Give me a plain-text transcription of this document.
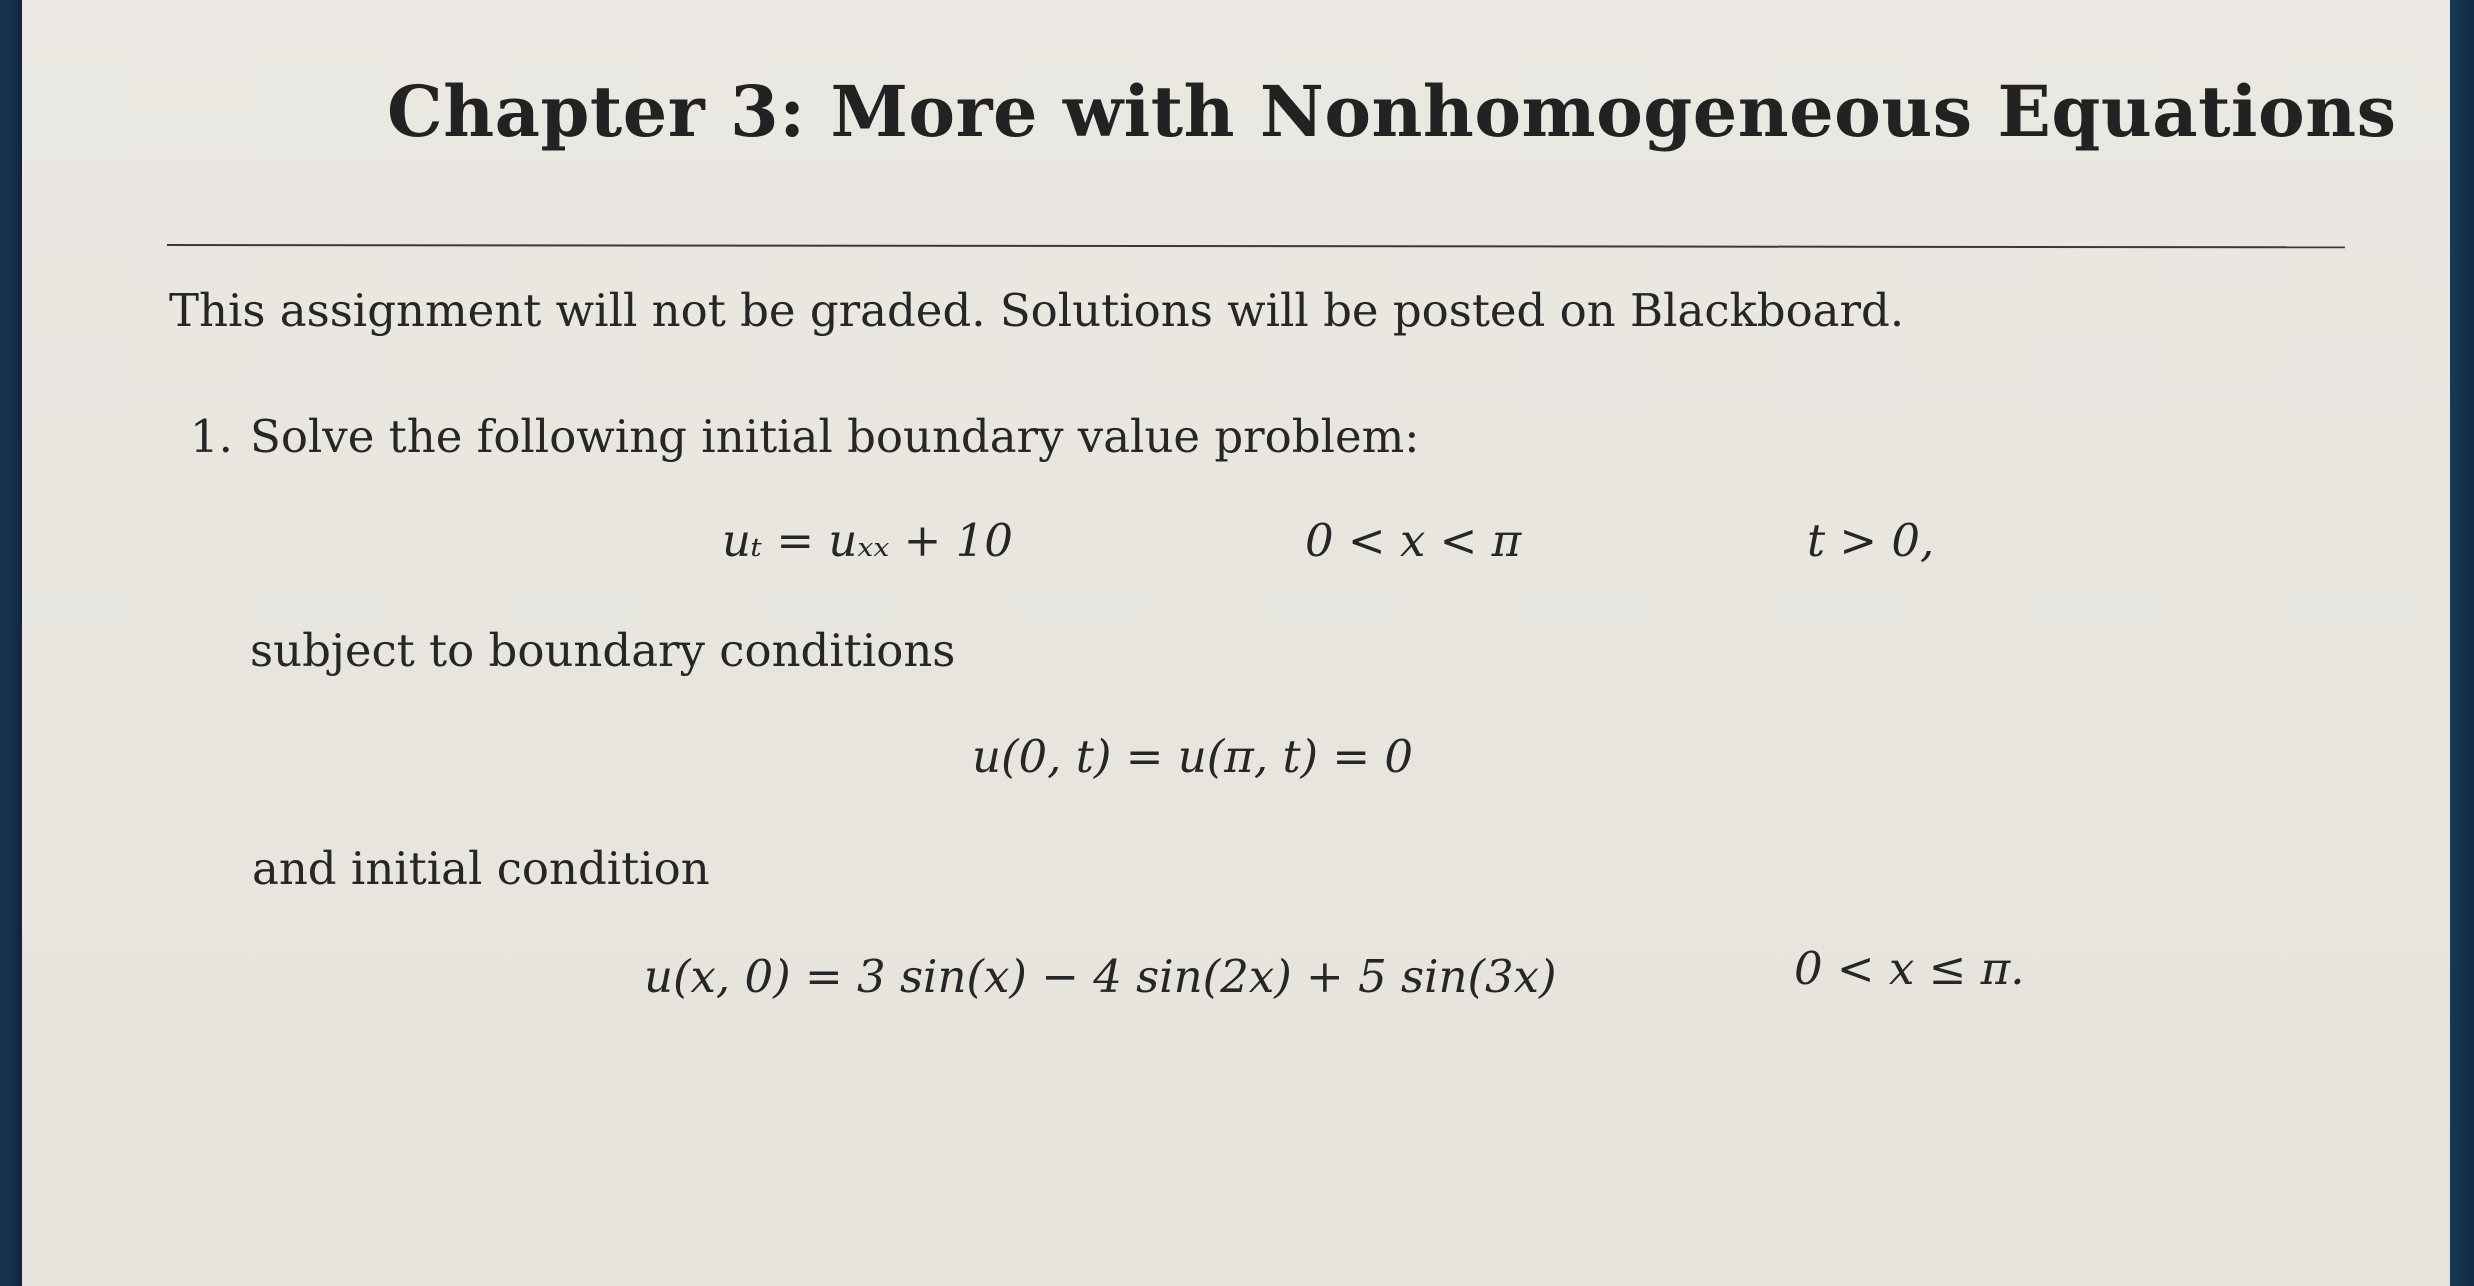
Chapter 3: More with Nonhomogeneous Equations
This assignment will not be graded. Solutions will be posted on Blackboard.
1. Solve the following initial boundary value problem:
uₜ = uₓₓ + 10	0 < x < π	t > 0,
subject to boundary conditions
u(0, t) = u(π, t) = 0
and initial condition
u(x, 0) = 3 sin(x) − 4 sin(2x) + 5 sin(3x)	0 < x ≤ π.
